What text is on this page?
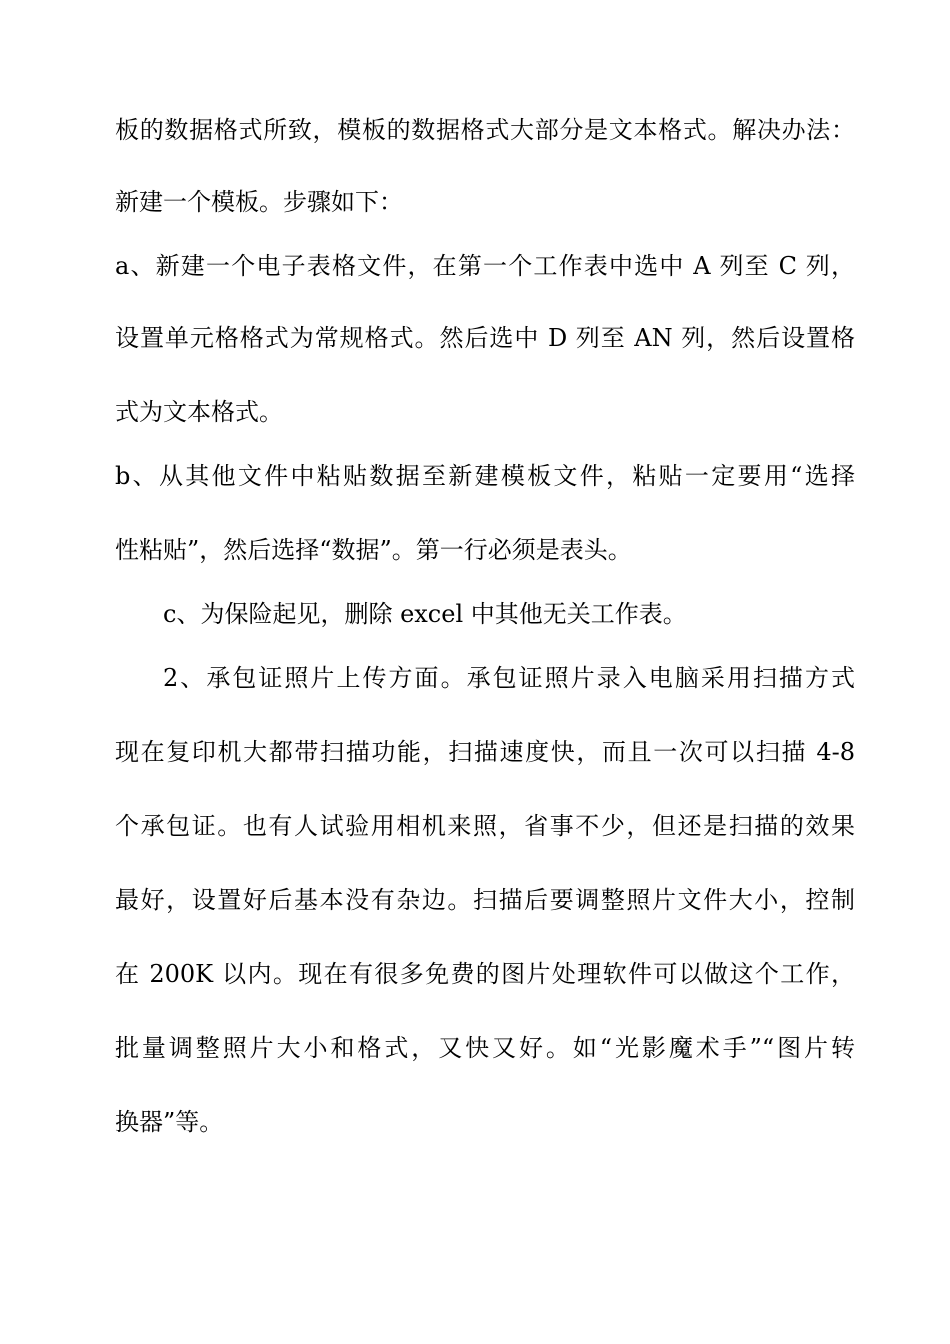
板的数据格式所致，模板的数据格式大部分是文本格式。解决办法：
新建一个模板。步骤如下：
a、新建一个电子表格文件，在第一个工作表中选中 A 列至 C 列，
设置单元格格式为常规格式。然后选中 D 列至 AN 列，然后设置格
式为文本格式。
b、从其他文件中粘贴数据至新建模板文件，粘贴一定要用“选择
性粘贴”，然后选择“数据”。第一行必须是表头。
c、为保险起见，删除 excel 中其他无关工作表。
2、承包证照片上传方面。承包证照片录入电脑采用扫描方式
现在复印机大都带扫描功能，扫描速度快，而且一次可以扫描 4-8
个承包证。也有人试验用相机来照，省事不少，但还是扫描的效果
最好，设置好后基本没有杂边。扫描后要调整照片文件大小，控制
在 200K 以内。现在有很多免费的图片处理软件可以做这个工作，
批量调整照片大小和格式，又快又好。如“光影魔术手”“图片转
换器”等。
